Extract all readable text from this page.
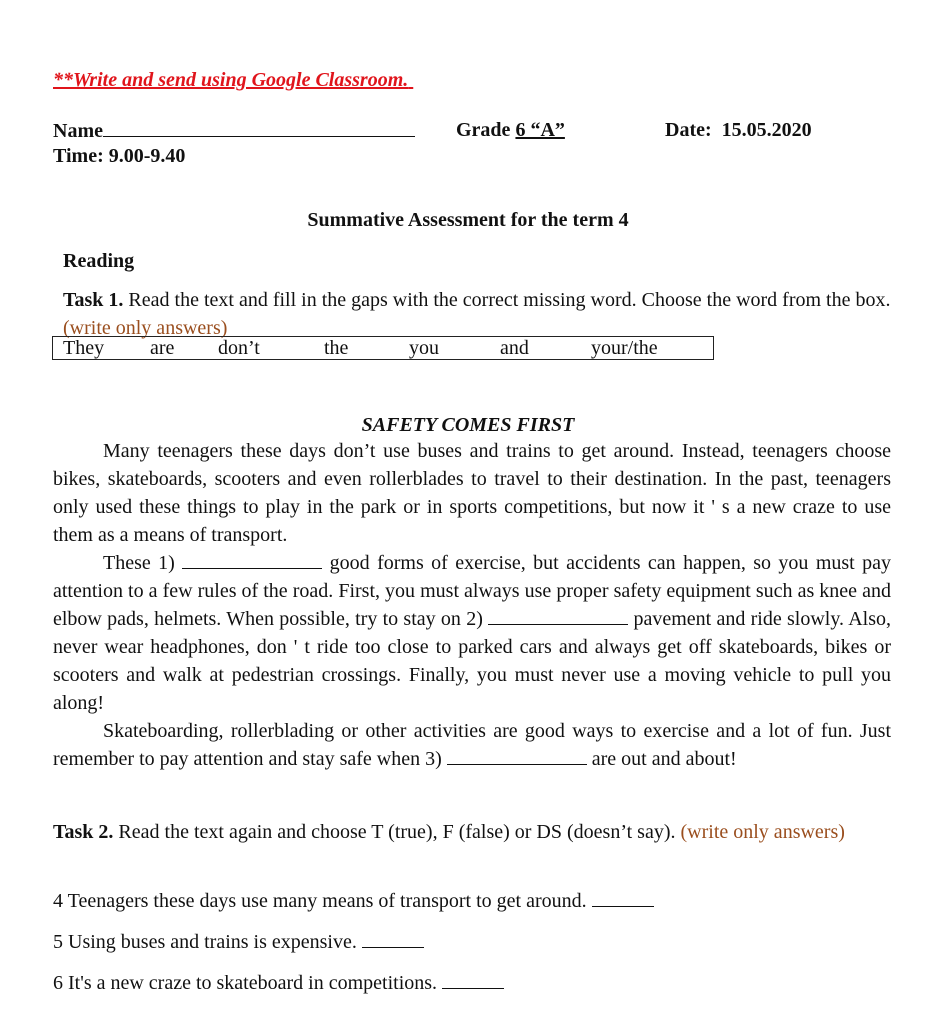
**Write and send using Google Classroom.
Name	Grade 6 “A”	Date: 15.05.2020
Time: 9.00-9.40
Summative Assessment for the term 4
Reading
Task 1. Read the text and fill in the gaps with the correct missing word. Choose the word from the box. (write only answers)
They are don’t	the	you	and	your/the
SAFETY COMES FIRST

Many teenagers these days don’t use buses and trains to get around. Instead, teenagers choose bikes, skateboards, scooters and even rollerblades to travel to their destination. In the past, teenagers only used these things to play in the park or in sports competitions, but now it ' s a new craze to use them as a means of transport.

These 1)	good forms of exercise, but accidents can happen, so you must pay attention to a few rules of the road. First, you must always use proper safety equipment such as knee and elbow pads, helmets. When possible, try to stay on 2)	pavement and ride slowly. Also, never wear headphones, don ' t ride too close to parked cars and always get off skateboards, bikes or scooters and walk at pedestrian crossings. Finally, you must never use a moving vehicle to pull you along!

Skateboarding, rollerblading or other activities are good ways to exercise and a lot of fun. Just remember to pay attention and stay safe when 3)	are out and about!

Task 2. Read the text again and choose T (true), F (false) or DS (doesn’t say). (write only answers)
4 Teenagers these days use many means of transport to get around.
5 Using buses and trains is expensive.
6 It's a new craze to skateboard in competitions.
